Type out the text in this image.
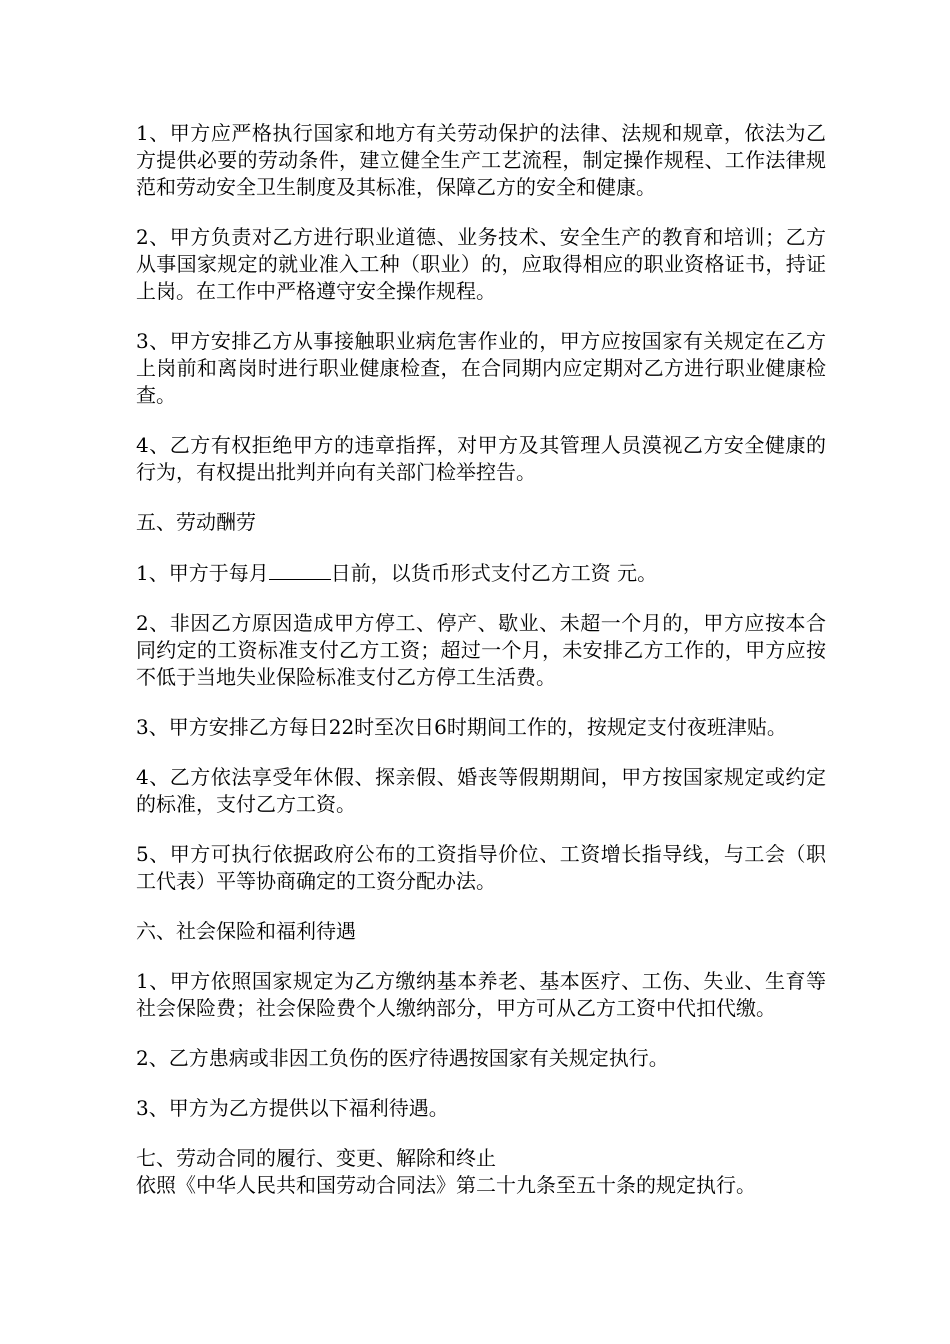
1、甲方应严格执行国家和地方有关劳动保护的法律、法规和规章，依法为乙方提供必要的劳动条件，建立健全生产工艺流程，制定操作规程、工作法律规范和劳动安全卫生制度及其标准，保障乙方的安全和健康。

2、甲方负责对乙方进行职业道德、业务技术、安全生产的教育和培训；乙方从事国家规定的就业准入工种（职业）的，应取得相应的职业资格证书，持证上岗。在工作中严格遵守安全操作规程。

3、甲方安排乙方从事接触职业病危害作业的，甲方应按国家有关规定在乙方上岗前和离岗时进行职业健康检查，在合同期内应定期对乙方进行职业健康检查。

4、乙方有权拒绝甲方的违章指挥，对甲方及其管理人员漠视乙方安全健康的行为，有权提出批判并向有关部门检举控告。

五、劳动酬劳

1、甲方于每月	日前，以货币形式支付乙方工资 元。

2、非因乙方原因造成甲方停工、停产、歇业、未超一个月的，甲方应按本合同约定的工资标准支付乙方工资；超过一个月，未安排乙方工作的，甲方应按不低于当地失业保险标准支付乙方停工生活费。

3、甲方安排乙方每日22时至次日6时期间工作的，按规定支付夜班津贴。

4、乙方依法享受年休假、探亲假、婚丧等假期期间，甲方按国家规定或约定的标准，支付乙方工资。

5、甲方可执行依据政府公布的工资指导价位、工资增长指导线，与工会（职工代表）平等协商确定的工资分配办法。

六、社会保险和福利待遇

1、甲方依照国家规定为乙方缴纳基本养老、基本医疗、工伤、失业、生育等社会保险费；社会保险费个人缴纳部分，甲方可从乙方工资中代扣代缴。

2、乙方患病或非因工负伤的医疗待遇按国家有关规定执行。

3、甲方为乙方提供以下福利待遇。

七、劳动合同的履行、变更、解除和终止

依照《中华人民共和国劳动合同法》第二十九条至五十条的规定执行。
